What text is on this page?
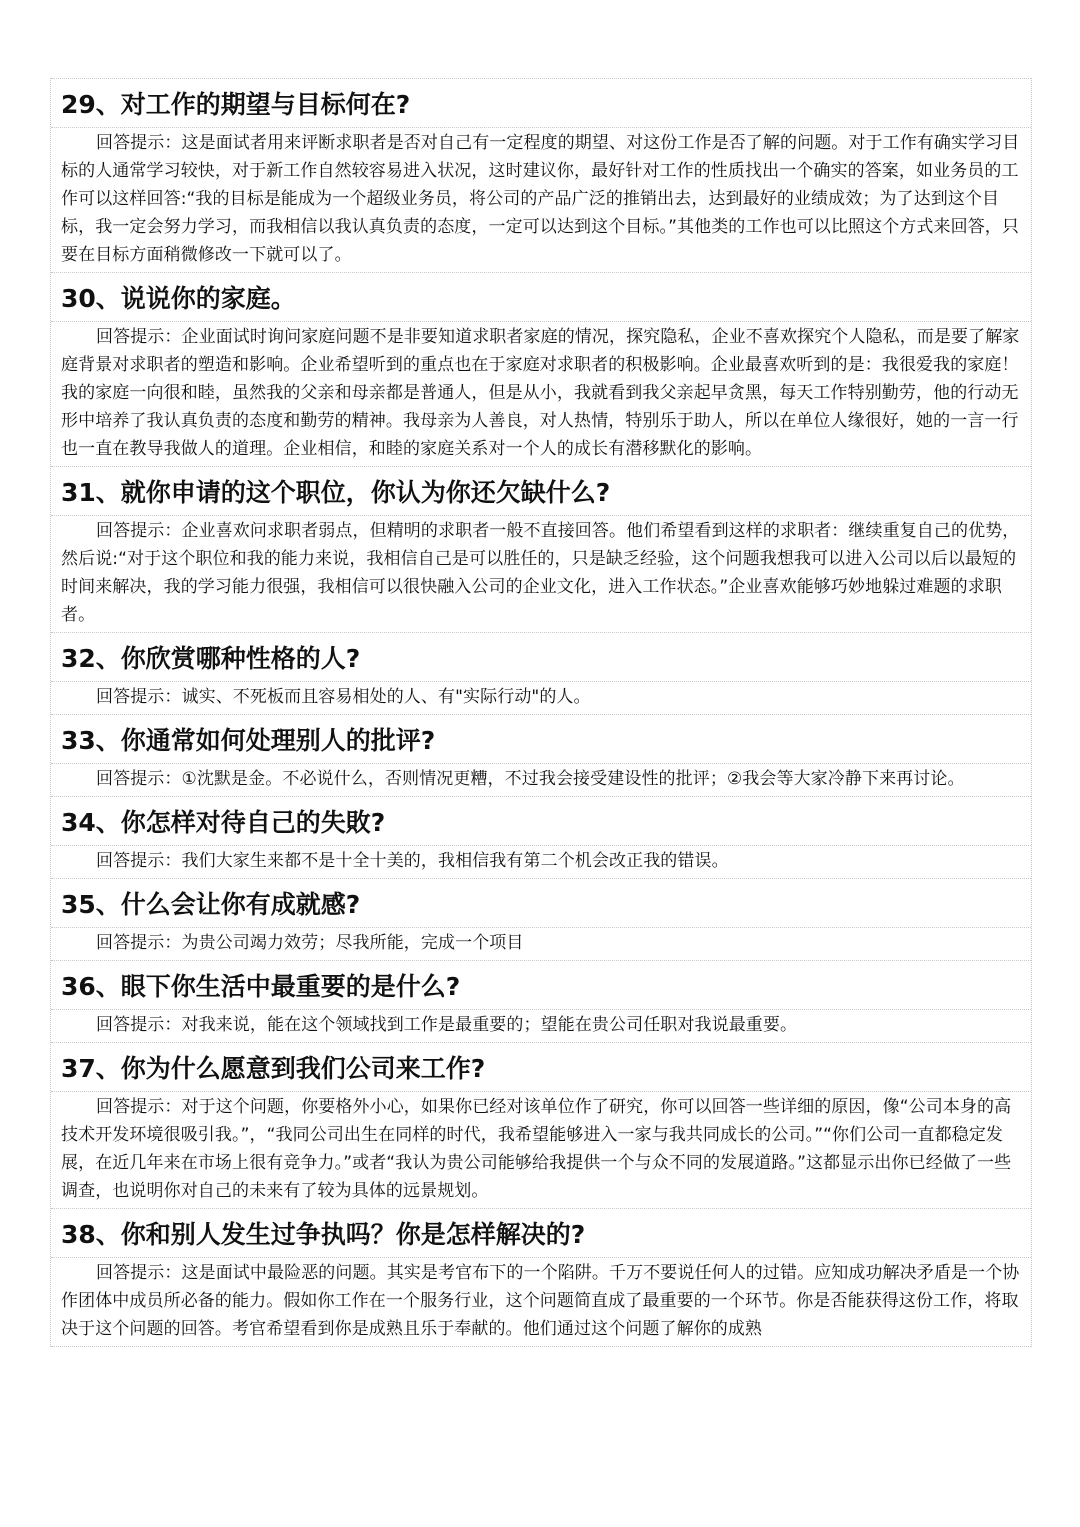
29、对工作的期望与目标何在?
回答提示：这是面试者用来评断求职者是否对自己有一定程度的期望、对这份工作是否了解的问题。对于工作有确实学习目标的人通常学习较快，对于新工作自然较容易进入状况，这时建议你，最好针对工作的性质找出一个确实的答案，如业务员的工作可以这样回答:“我的目标是能成为一个超级业务员，将公司的产品广泛的推销出去，达到最好的业绩成效；为了达到这个目标，我一定会努力学习，而我相信以我认真负责的态度，一定可以达到这个目标。”其他类的工作也可以比照这个方式来回答，只要在目标方面稍微修改一下就可以了。
30、说说你的家庭。
回答提示：企业面试时询问家庭问题不是非要知道求职者家庭的情况，探究隐私，企业不喜欢探究个人隐私，而是要了解家庭背景对求职者的塑造和影响。企业希望听到的重点也在于家庭对求职者的积极影响。企业最喜欢听到的是：我很爱我的家庭！我的家庭一向很和睦，虽然我的父亲和母亲都是普通人，但是从小，我就看到我父亲起早贪黑，每天工作特别勤劳，他的行动无形中培养了我认真负责的态度和勤劳的精神。我母亲为人善良，对人热情，特别乐于助人，所以在单位人缘很好，她的一言一行也一直在教导我做人的道理。企业相信，和睦的家庭关系对一个人的成长有潜移默化的影响。
31、就你申请的这个职位，你认为你还欠缺什么?
回答提示：企业喜欢问求职者弱点，但精明的求职者一般不直接回答。他们希望看到这样的求职者：继续重复自己的优势，然后说:“对于这个职位和我的能力来说，我相信自己是可以胜任的，只是缺乏经验，这个问题我想我可以进入公司以后以最短的时间来解决，我的学习能力很强，我相信可以很快融入公司的企业文化，进入工作状态。”企业喜欢能够巧妙地躲过难题的求职者。
32、你欣赏哪种性格的人?
回答提示：诚实、不死板而且容易相处的人、有"实际行动"的人。
33、你通常如何处理别人的批评?
回答提示：①沈默是金。不必说什么，否则情况更糟，不过我会接受建设性的批评；②我会等大家冷静下来再讨论。
34、你怎样对待自己的失敗?
回答提示：我们大家生来都不是十全十美的，我相信我有第二个机会改正我的错误。
35、什么会让你有成就感?
回答提示：为贵公司竭力效劳；尽我所能，完成一个项目
36、眼下你生活中最重要的是什么?
回答提示：对我来说，能在这个领域找到工作是最重要的；望能在贵公司任职对我说最重要。
37、你为什么愿意到我们公司来工作?
回答提示：对于这个问题，你要格外小心，如果你已经对该单位作了研究，你可以回答一些详细的原因，像“公司本身的高技术开发环境很吸引我。”，“我同公司出生在同样的时代，我希望能够进入一家与我共同成长的公司。”“你们公司一直都稳定发展，在近几年来在市场上很有竞争力。”或者“我认为贵公司能够给我提供一个与众不同的发展道路。”这都显示出你已经做了一些调查，也说明你对自己的未来有了较为具体的远景规划。
38、你和别人发生过争执吗？你是怎样解决的?
回答提示：这是面试中最险恶的问题。其实是考官布下的一个陷阱。千万不要说任何人的过错。应知成功解决矛盾是一个协作团体中成员所必备的能力。假如你工作在一个服务行业，这个问题简直成了最重要的一个环节。你是否能获得这份工作，将取决于这个问题的回答。考官希望看到你是成熟且乐于奉献的。他们通过这个问题了解你的成熟
